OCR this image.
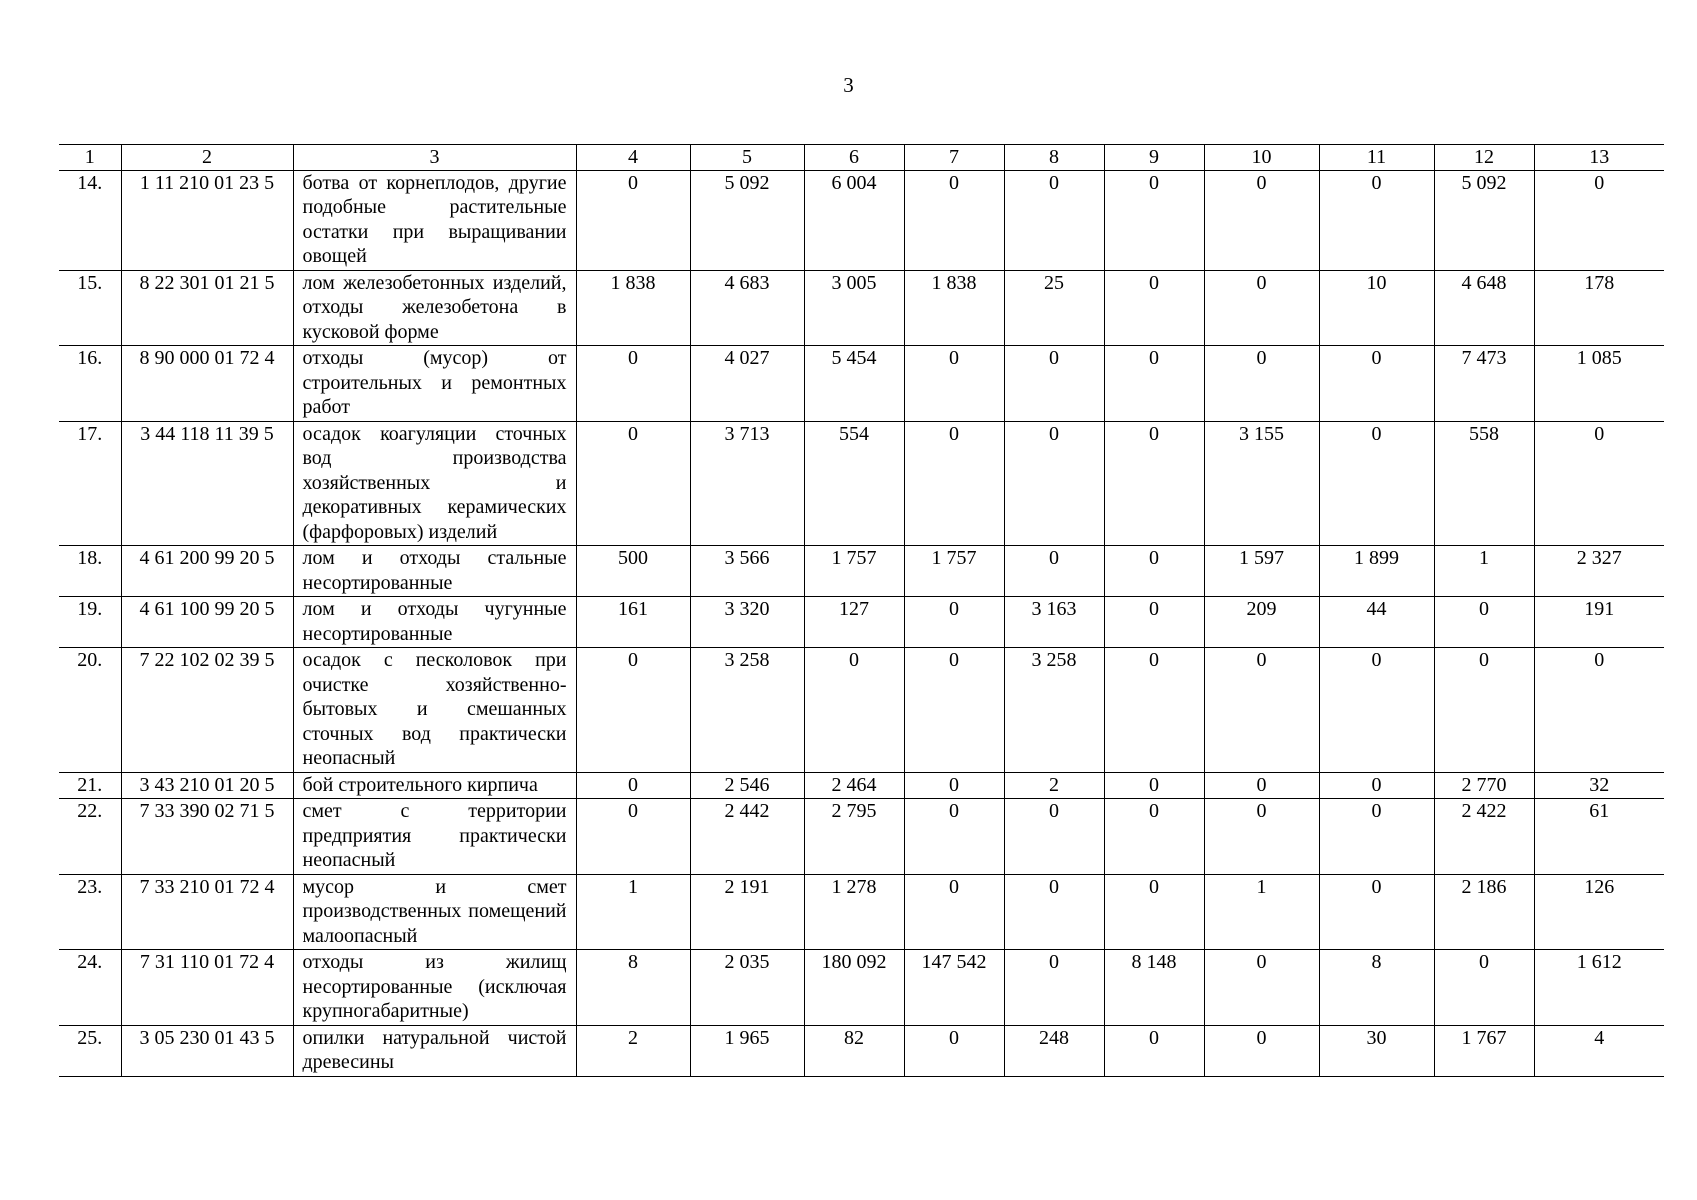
3
1	2	3	4	5	6	7	8	9	10	11	12	13
14.	1 11 210 01 23 5	ботва от корнеплодов, другие подобные растительные остатки при выращивании овощей	0	5 092	6 004	0	0	0	0	0	5 092	0
15.	8 22 301 01 21 5	лом железобетонных изделий, отходы железобетона в кусковой форме	1 838	4 683	3 005	1 838	25	0	0	10	4 648	178
16.	8 90 000 01 72 4	отходы (мусор) от строительных и ремонтных работ	0	4 027	5 454	0	0	0	0	0	7 473	1 085
17.	3 44 118 11 39 5	осадок коагуляции сточных вод производства хозяйственных и декоративных керамических (фарфоровых) изделий	0	3 713	554	0	0	0	3 155	0	558	0
18.	4 61 200 99 20 5	лом и отходы стальные несортированные	500	3 566	1 757	1 757	0	0	1 597	1 899	1	2 327
19.	4 61 100 99 20 5	лом и отходы чугунные несортированные	161	3 320	127	0	3 163	0	209	44	0	191
20.	7 22 102 02 39 5	осадок с песколовок при очистке хозяйственно-бытовых и смешанных сточных вод практически неопасный	0	3 258	0	0	3 258	0	0	0	0	0
21.	3 43 210 01 20 5	бой строительного кирпича	0	2 546	2 464	0	2	0	0	0	2 770	32
22.	7 33 390 02 71 5	смет с территории предприятия практически неопасный	0	2 442	2 795	0	0	0	0	0	2 422	61
23.	7 33 210 01 72 4	мусор и смет производственных помещений малоопасный	1	2 191	1 278	0	0	0	1	0	2 186	126
24.	7 31 110 01 72 4	отходы из жилищ несортированные (исключая крупногабаритные)	8	2 035	180 092	147 542	0	8 148	0	8	0	1 612
25.	3 05 230 01 43 5	опилки натуральной чистой древесины	2	1 965	82	0	248	0	0	30	1 767	4
